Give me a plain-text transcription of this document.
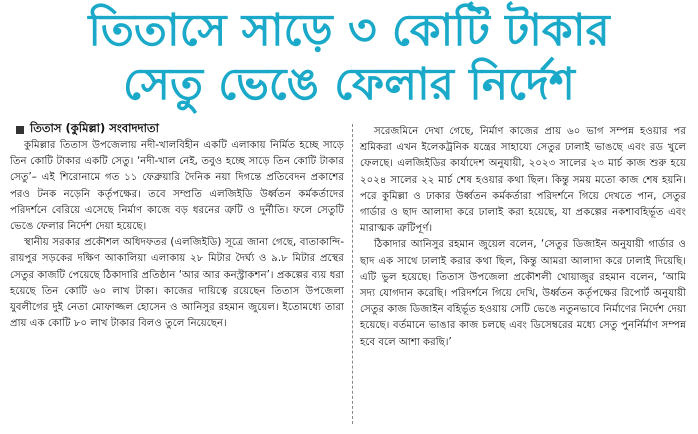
তিতাসে সাড়ে ৩ কোটি টাকার
সেতু ভেঙে ফেলার নির্দেশ
তিতাস (কুমিল্লা) সংবাদদাতা

কুমিল্লার তিতাস উপজেলায় নদী-খালবিহীন একটি এলাকায় নির্মিত হচ্ছে সাড়ে তিন কোটি টাকার একটি সেতু। ‘নদী-খাল নেই, তবুও হচ্ছে সাড়ে তিন কোটি টাকার সেতু’– এই শিরোনামে গত ১১ ফেব্রুয়ারি দৈনিক নয়া দিগন্তে প্রতিবেদন প্রকাশের পরও টনক নড়েনি কর্তৃপক্ষের। তবে সম্প্রতি এলজিইডি উর্ধ্বতন কর্মকর্তাদের পরিদর্শনে বেরিয়ে এসেছে নির্মাণ কাজে বড় ধরনের ত্রুটি ও দুর্নীতি। ফলে সেতুটি ভেঙে ফেলার নির্দেশ দেয়া হয়েছে।

স্থানীয় সরকার প্রকৌশল অধিদফতর (এলজিইডি) সূত্রে জানা গেছে, বাতাকান্দি-রায়পুর সড়কের দক্ষিণ আকালিয়া এলাকায় ২৮ মিটার দৈর্ঘ্য ও ৯.৮ মিটার প্রস্থের সেতুর কাজটি পেয়েছে ঠিকাদারি প্রতিষ্ঠান ‘আর আর কনস্ট্রাকশন’। প্রকল্পের ব্যয় ধরা হয়েছে তিন কোটি ৬০ লাখ টাকা। কাজের দায়িত্বে রয়েছেন তিতাস উপজেলা যুবলীগের দুই নেতা মোফাজ্জল হোসেন ও আনিসুর রহমান জুয়েল। ইতোমধ্যে তারা প্রায় এক কোটি ৮০ লাখ টাকার বিলও তুলে নিয়েছেন।

সরেজমিনে দেখা গেছে, নির্মাণ কাজের প্রায় ৬০ ভাগ সম্পন্ন হওয়ার পর শ্রমিকরা এখন ইলেকট্রনিক যন্ত্রের সাহায্যে সেতুর ঢালাই ভাঙছে এবং রড খুলে ফেলছে। এলজিইডির কার্যাদেশ অনুযায়ী, ২০২৩ সালের ২৩ মার্চ কাজ শুরু হয়ে ২০২৪ সালের ২২ মার্চ শেষ হওয়ার কথা ছিল। কিন্তু সময় মতো কাজ শেষ হয়নি। পরে কুমিল্লা ও ঢাকার উর্ধ্বতন কর্মকর্তারা পরিদর্শনে গিয়ে দেখতে পান, সেতুর গার্ডার ও ছাদ আলাদা করে ঢালাই করা হয়েছে, যা প্রকল্পের নকশাবহির্ভূত এবং মারাত্মক ত্রুটিপূর্ণ।

ঠিকাদার আনিসুর রহমান জুয়েল বলেন, ‘সেতুর ডিজাইন অনুযায়ী গার্ডার ও ছাদ এক সাথে ঢালাই করার কথা ছিল, কিন্তু আমরা আলাদা করে ঢালাই দিয়েছি। এটি ভুল হয়েছে। তিতাস উপজেলা প্রকৌশলী খোয়াজুর রহমান বলেন, ‘আমি সদ্য যোগদান করেছি। পরিদর্শনে গিয়ে দেখি, উর্ধ্বতন কর্তৃপক্ষের রিপোর্ট অনুযায়ী সেতুর কাজ ডিজাইন বহির্ভূত হওয়ায় সেটি ভেঙে নতুনভাবে নির্মাণের নির্দেশ দেয়া হয়েছে। বর্তমানে ভাঙার কাজ চলছে এবং ডিসেম্বরের মধ্যে সেতু পুনর্নির্মাণ সম্পন্ন হবে বলে আশা করছি।’
